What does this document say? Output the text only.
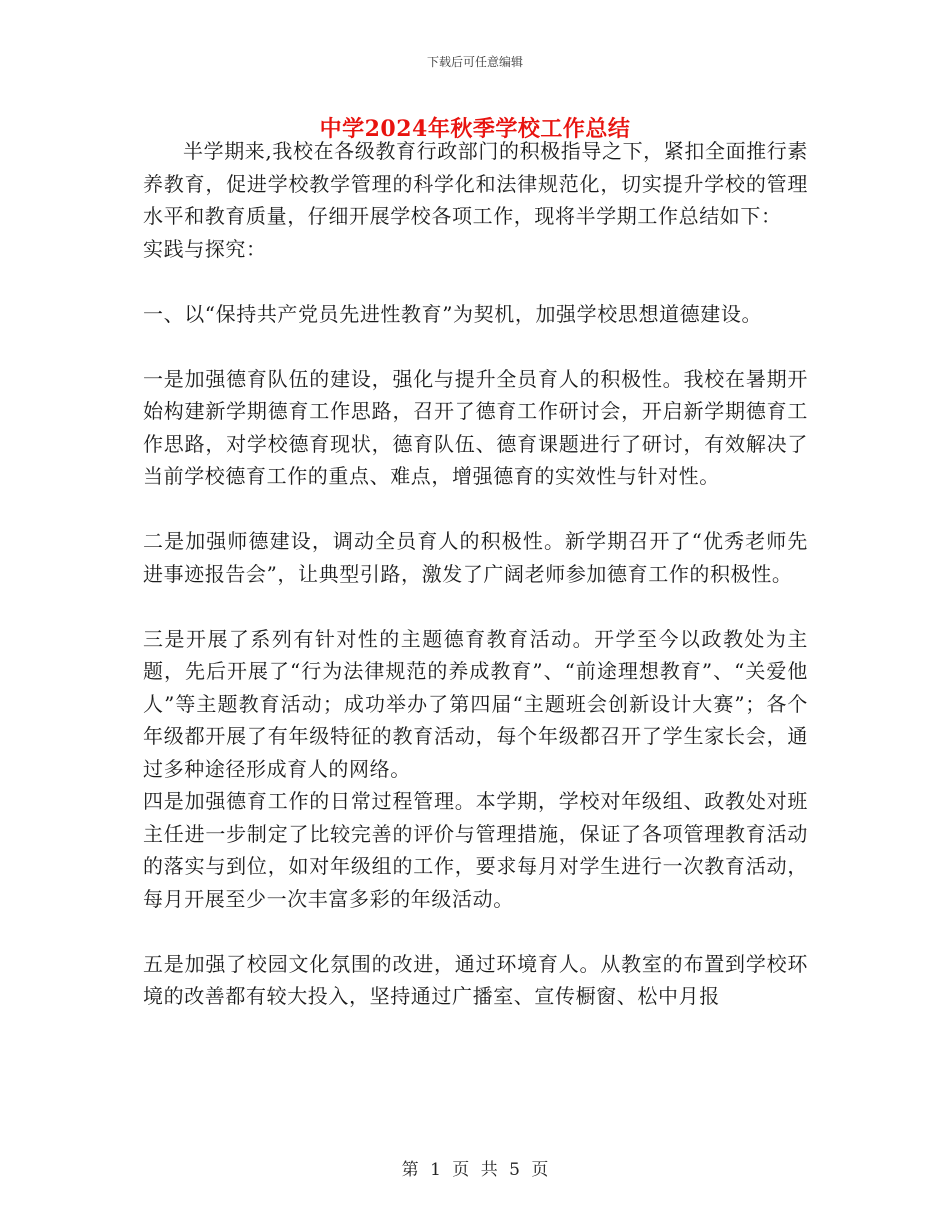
下载后可任意编辑
中学2024年秋季学校工作总结

半学期来,我校在各级教育行政部门的积极指导之下，紧扣全面推行素养教育，促进学校教学管理的科学化和法律规范化，切实提升学校的管理水平和教育质量，仔细开展学校各项工作，现将半学期工作总结如下：

实践与探究：

一、以“保持共产党员先进性教育”为契机，加强学校思想道德建设。

一是加强德育队伍的建设，强化与提升全员育人的积极性。我校在暑期开始构建新学期德育工作思路，召开了德育工作研讨会，开启新学期德育工作思路，对学校德育现状，德育队伍、德育课题进行了研讨，有效解决了当前学校德育工作的重点、难点，增强德育的实效性与针对性。

二是加强师德建设，调动全员育人的积极性。新学期召开了“优秀老师先进事迹报告会”，让典型引路，激发了广阔老师参加德育工作的积极性。

三是开展了系列有针对性的主题德育教育活动。开学至今以政教处为主题，先后开展了“行为法律规范的养成教育”、“前途理想教育”、“关爱他人”等主题教育活动；成功举办了第四届“主题班会创新设计大赛”；各个年级都开展了有年级特征的教育活动，每个年级都召开了学生家长会，通过多种途径形成育人的网络。

四是加强德育工作的日常过程管理。本学期，学校对年级组、政教处对班主任进一步制定了比较完善的评价与管理措施，保证了各项管理教育活动的落实与到位，如对年级组的工作，要求每月对学生进行一次教育活动，每月开展至少一次丰富多彩的年级活动。

五是加强了校园文化氛围的改进，通过环境育人。从教室的布置到学校环境的改善都有较大投入，坚持通过广播室、宣传橱窗、松中月报

第 1 页 共 5 页
